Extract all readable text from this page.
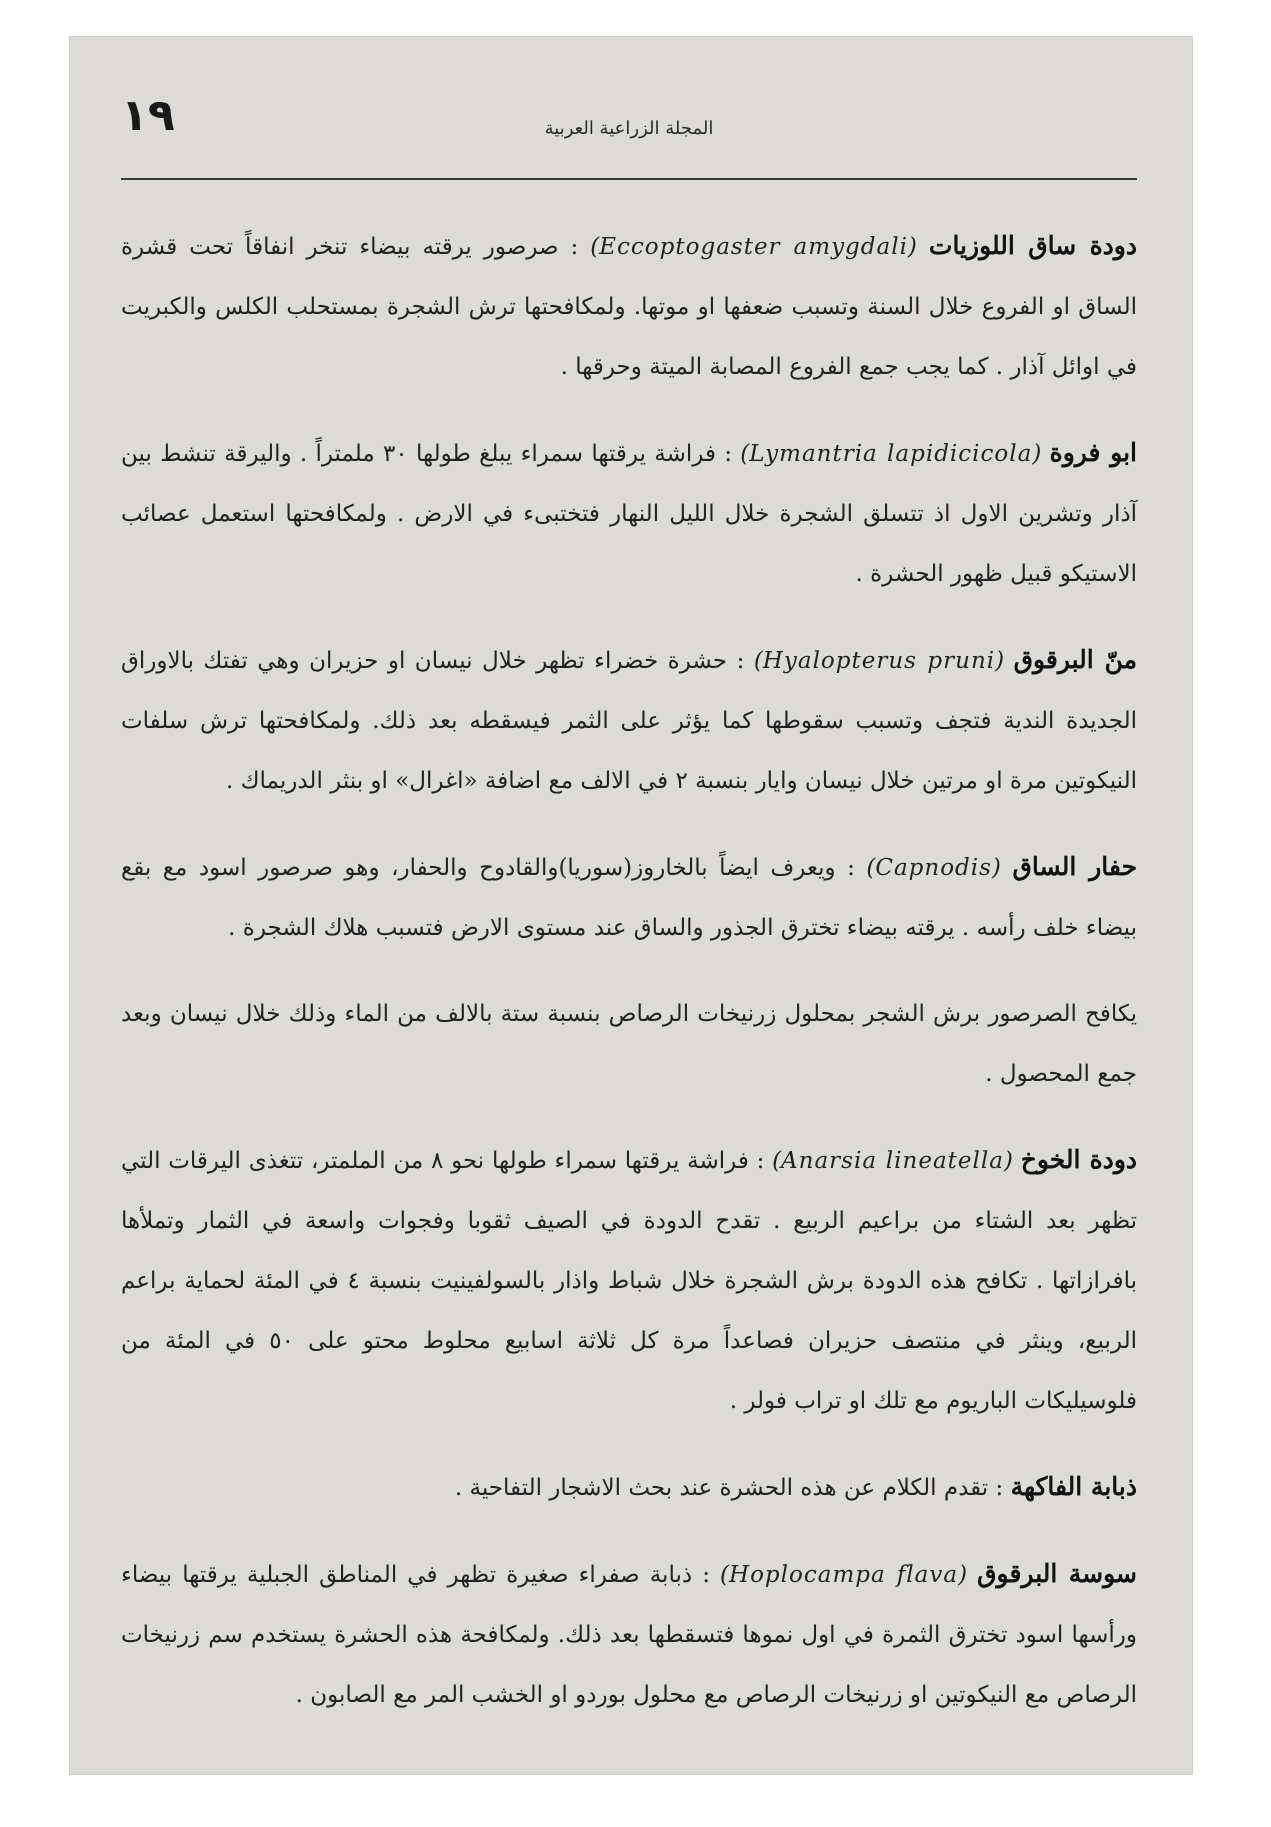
١٩	المجلة الزراعية العربية

دودة ساق اللوزيات (Eccoptogaster amygdali) : صرصور يرقته بيضاء تنخر انفاقاً تحت قشرة الساق او الفروع خلال السنة وتسبب ضعفها او موتها. ولمكافحتها ترش الشجرة بمستحلب الكلس والكبريت في اوائل آذار . كما يجب جمع الفروع المصابة الميتة وحرقها .

ابو فروة (Lymantria lapidicicola) : فراشة يرقتها سمراء يبلغ طولها ٣٠ ملمتراً . واليرقة تنشط بين آذار وتشرين الاول اذ تتسلق الشجرة خلال الليل النهار فتختبىء في الارض . ولمكافحتها استعمل عصائب الاستيكو قبيل ظهور الحشرة .

منّ البرقوق (Hyalopterus pruni) : حشرة خضراء تظهر خلال نيسان او حزيران وهي تفتك بالاوراق الجديدة الندية فتجف وتسبب سقوطها كما يؤثر على الثمر فيسقطه بعد ذلك. ولمكافحتها ترش سلفات النيكوتين مرة او مرتين خلال نيسان وايار بنسبة ٢ في الالف مع اضافة «اغرال» او بنثر الدريماك .

حفار الساق (Capnodis) : ويعرف ايضاً بالخاروز(سوريا)والقادوح والحفار، وهو صرصور اسود مع بقع بيضاء خلف رأسه . يرقته بيضاء تخترق الجذور والساق عند مستوى الارض فتسبب هلاك الشجرة .

يكافح الصرصور برش الشجر بمحلول زرنيخات الرصاص بنسبة ستة بالالف من الماء وذلك خلال نيسان وبعد جمع المحصول .

دودة الخوخ (Anarsia lineatella) : فراشة يرقتها سمراء طولها نحو ٨ من الملمتر، تتغذى اليرقات التي تظهر بعد الشتاء من براعيم الربيع . تقدح الدودة في الصيف ثقوبا وفجوات واسعة في الثمار وتملأها بافرازاتها . تكافح هذه الدودة برش الشجرة خلال شباط واذار بالسولفينيت بنسبة ٤ في المئة لحماية براعم الربيع، وينثر في منتصف حزيران فصاعداً مرة كل ثلاثة اسابيع محلوط محتو على ٥٠ في المئة من فلوسيليكات الباريوم مع تلك او تراب فولر .

ذبابة الفاكهة : تقدم الكلام عن هذه الحشرة عند بحث الاشجار التفاحية .

سوسة البرقوق (Hoplocampa flava) : ذبابة صفراء صغيرة تظهر في المناطق الجبلية يرقتها بيضاء ورأسها اسود تخترق الثمرة في اول نموها فتسقطها بعد ذلك. ولمكافحة هذه الحشرة يستخدم سم زرنيخات الرصاص مع النيكوتين او زرنيخات الرصاص مع محلول بوردو او الخشب المر مع الصابون .
